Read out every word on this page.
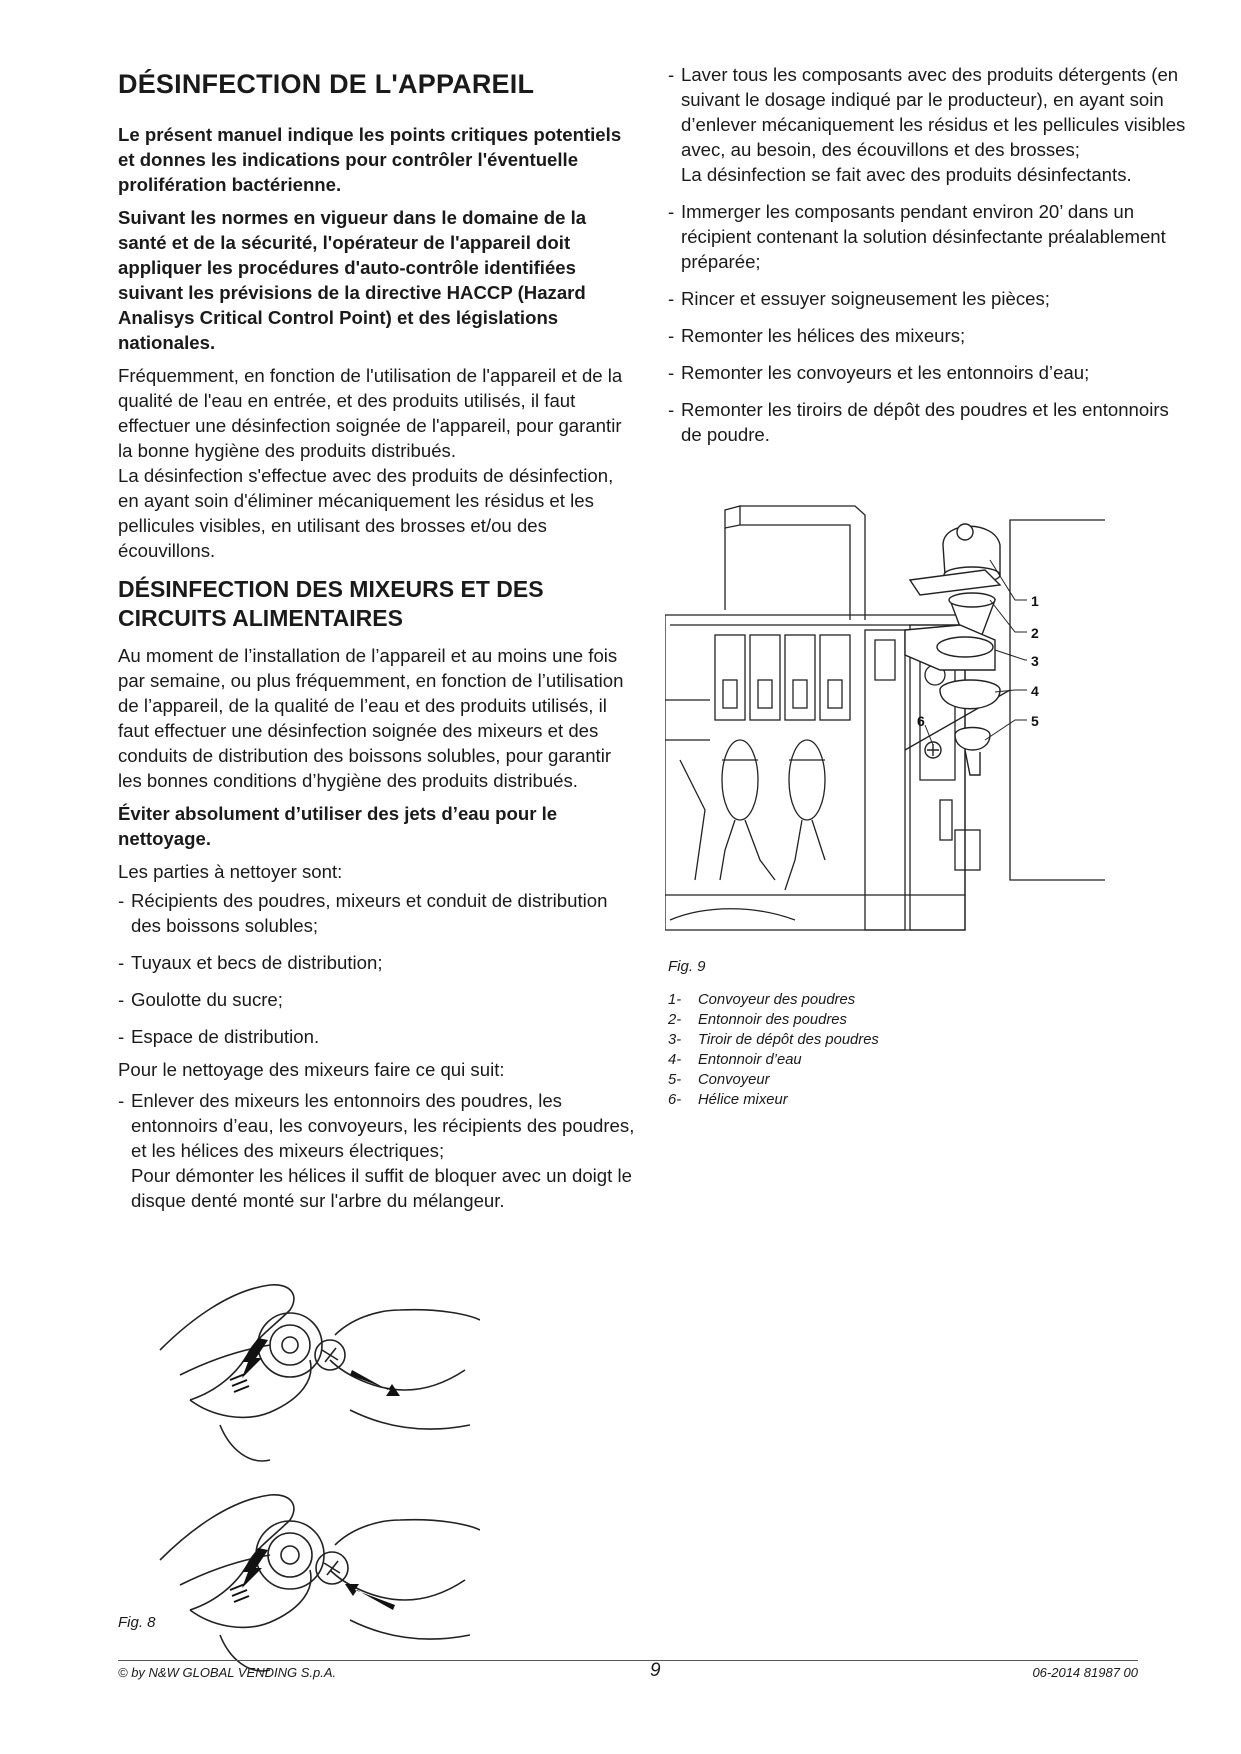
DÉSINFECTION DE L'APPAREIL

Le présent manuel indique les points critiques potentiels et donnes les indications pour contrôler l'éventuelle prolifération bactérienne.

Suivant les normes en vigueur dans le domaine de la santé et de la sécurité, l'opérateur de l'appareil doit appliquer les procédures d'auto-contrôle identifiées suivant les prévisions de la directive HACCP (Hazard Analisys Critical Control Point) et des législations nationales.

Fréquemment, en fonction de l'utilisation de l'appareil et de la qualité de l'eau en entrée, et des produits utilisés, il faut effectuer une désinfection soignée de l'appareil, pour garantir la bonne hygiène des produits distribués.

La désinfection s'effectue avec des produits de désinfection, en ayant soin d'éliminer mécaniquement les résidus et les pellicules visibles, en utilisant des brosses et/ou des écouvillons.

DÉSINFECTION DES MIXEURS ET DES CIRCUITS ALIMENTAIRES

Au moment de l’installation de l’appareil et au moins une fois par semaine, ou plus fréquemment, en fonction de l’utilisation de l’appareil, de la qualité de l’eau et des produits utilisés, il faut effectuer une désinfection soignée des mixeurs et des conduits de distribution des boissons solubles, pour garantir les bonnes conditions d’hygiène des produits distribués.

Éviter absolument d’utiliser des jets d’eau pour le nettoyage.

Les parties à nettoyer sont:

- Récipients des poudres, mixeurs et conduit de distribution des boissons solubles;
- Tuyaux et becs de distribution;
- Goulotte du sucre;
- Espace de distribution.

Pour le nettoyage des mixeurs faire ce qui suit:

- Enlever des mixeurs les entonnoirs des poudres, les entonnoirs d’eau, les convoyeurs, les récipients des poudres, et les hélices des mixeurs électriques;
Pour démonter les hélices il suffit de bloquer avec un doigt le disque denté monté sur l'arbre du mélangeur.
Fig. 8
- Laver tous les composants avec des produits détergents (en suivant le dosage indiqué par le producteur), en ayant soin d’enlever mécaniquement les résidus et les pellicules visibles avec, au besoin, des écouvillons et des brosses;
La désinfection se fait avec des produits désinfectants.
- Immerger les composants pendant environ 20’ dans un récipient contenant la solution désinfectante préalablement préparée;
- Rincer et essuyer soigneusement les pièces;
- Remonter les hélices des mixeurs;
- Remonter les convoyeurs et les entonnoirs d’eau;
- Remonter les tiroirs de dépôt des poudres et les entonnoirs de poudre.
1
2
3
4
5
6
Fig. 9
1- Convoyeur des poudres
2- Entonnoir des poudres
3- Tiroir de dépôt des poudres
4- Entonnoir d’eau
5- Convoyeur
6- Hélice mixeur
© by N&W GLOBAL VENDING S.p.A.	9	06-2014 81987 00
